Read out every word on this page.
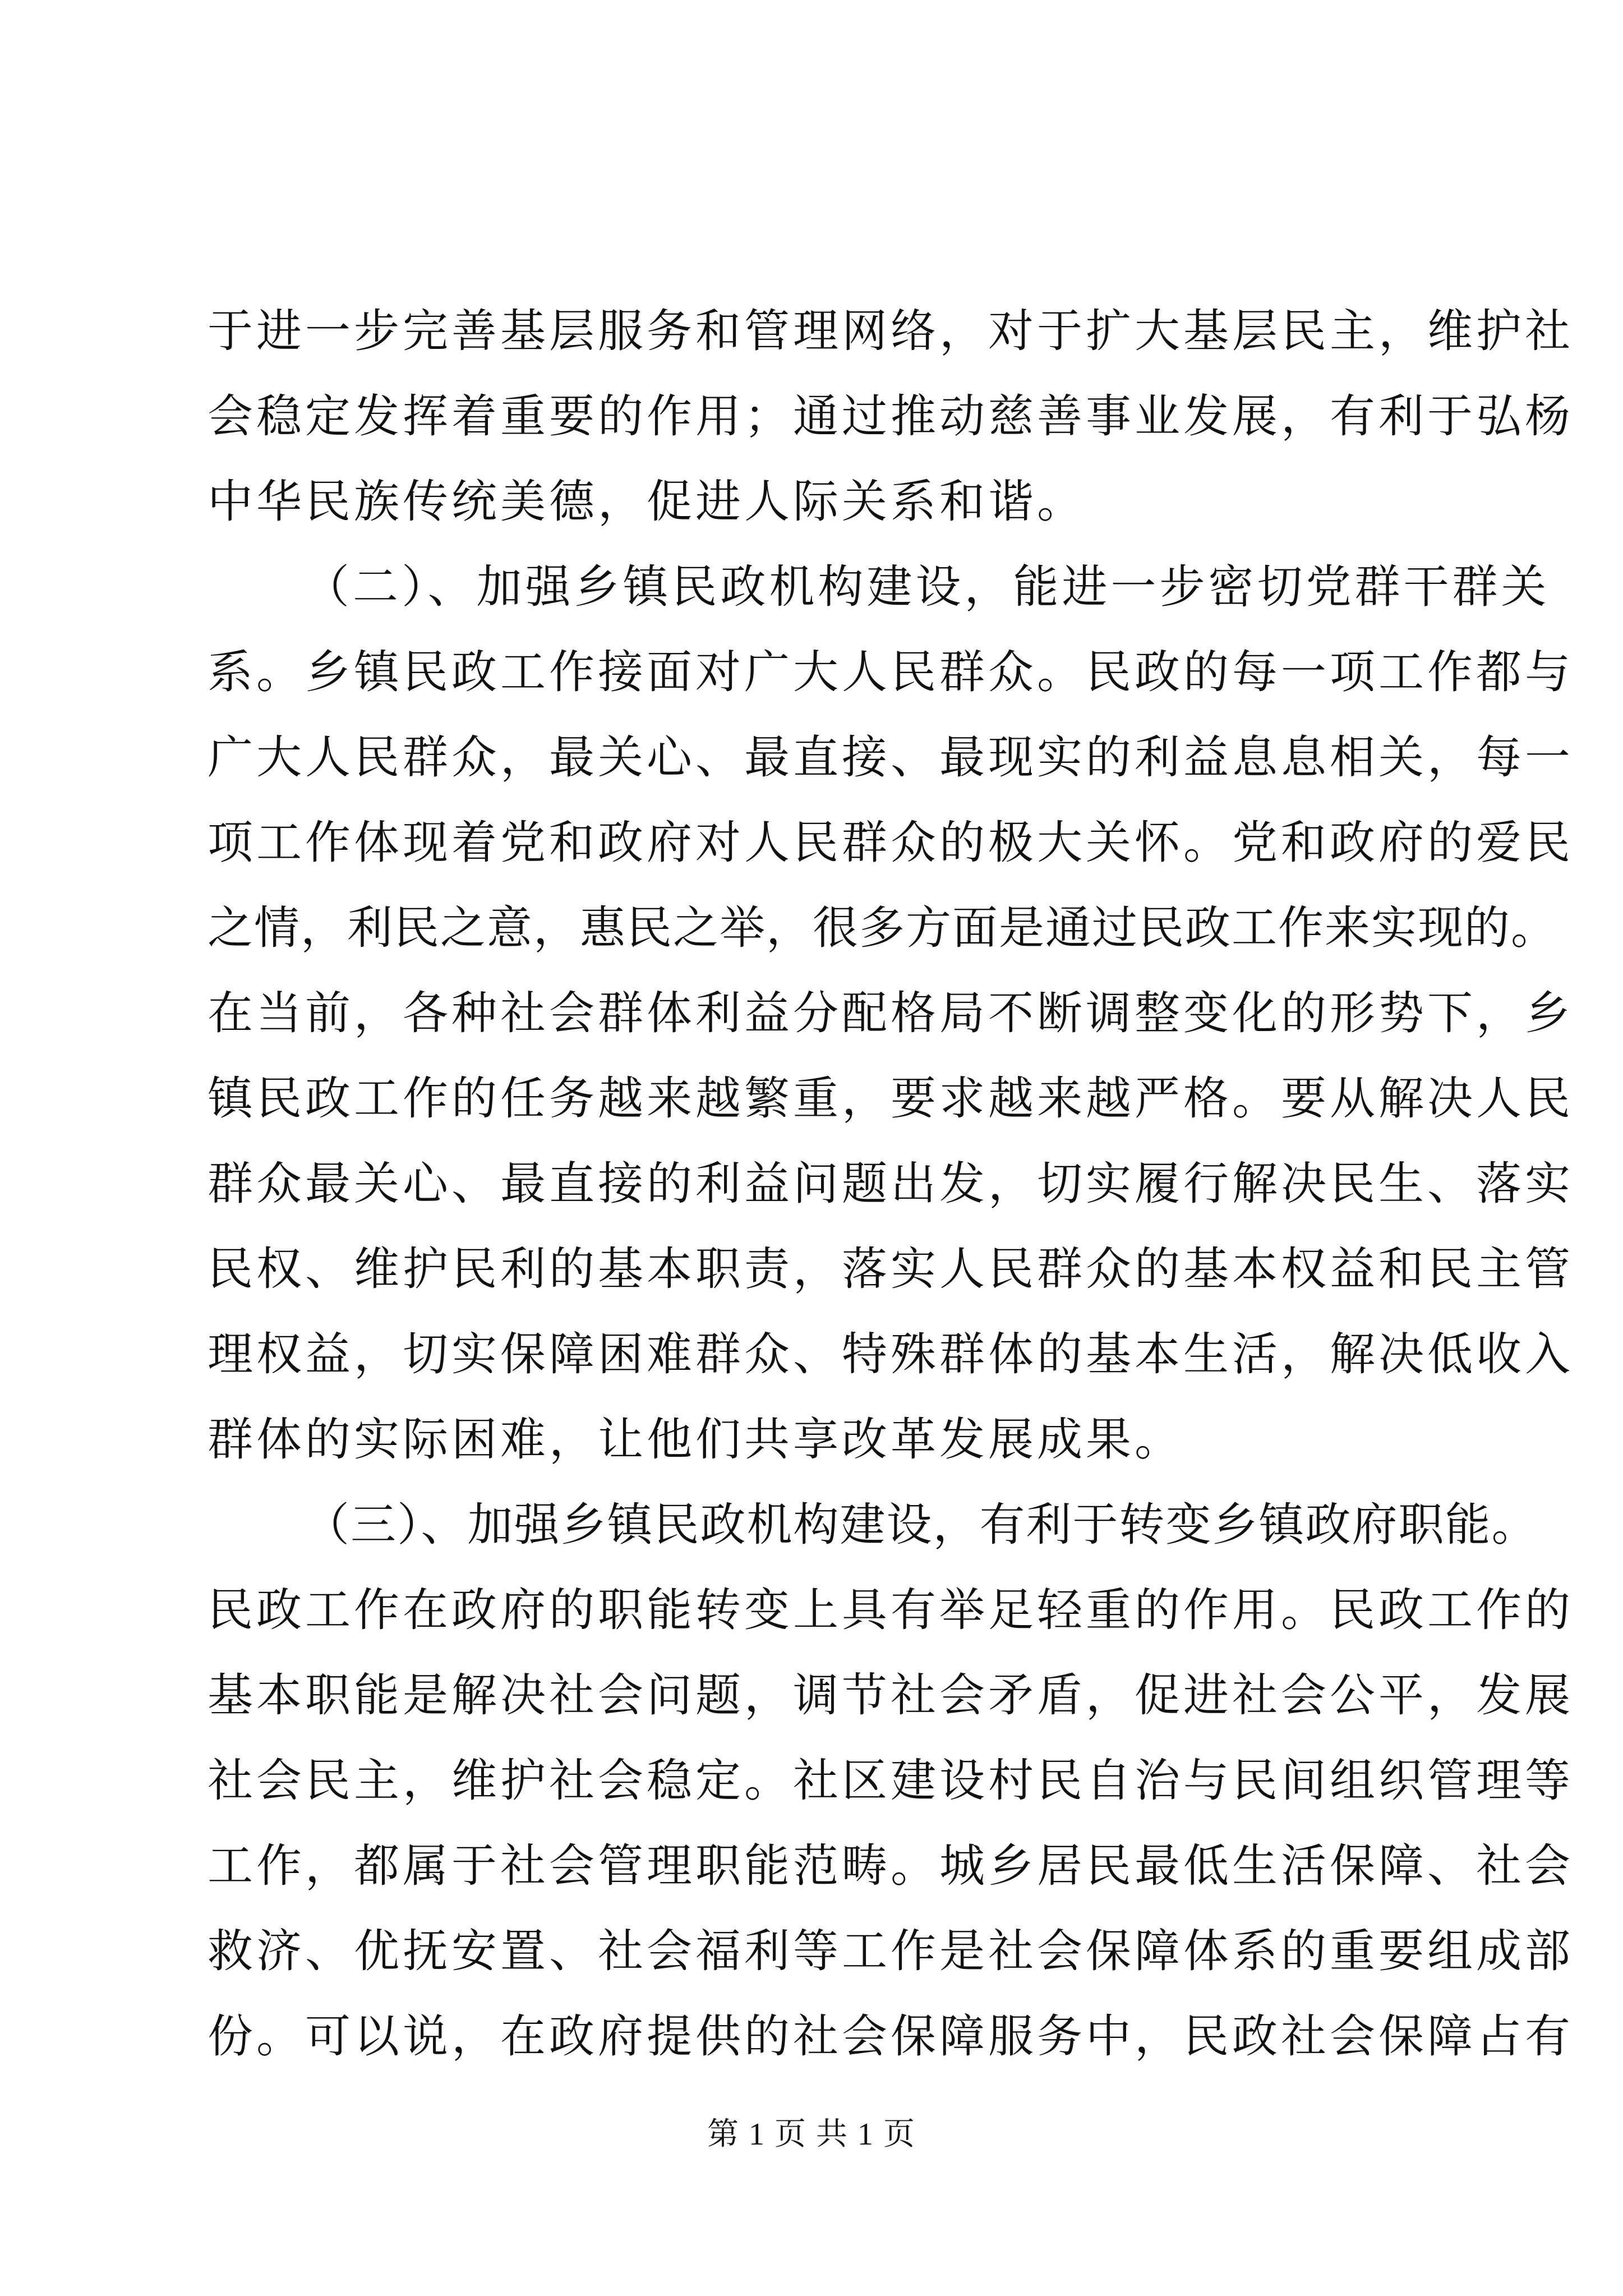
于进一步完善基层服务和管理网络，对于扩大基层民主，维护社
会稳定发挥着重要的作用；通过推动慈善事业发展，有利于弘杨
中华民族传统美德，促进人际关系和谐。
（二）、加强乡镇民政机构建设，能进一步密切党群干群关
系。乡镇民政工作接面对广大人民群众。民政的每一项工作都与
广大人民群众，最关心、最直接、最现实的利益息息相关，每一
项工作体现着党和政府对人民群众的极大关怀。党和政府的爱民
之情，利民之意，惠民之举，很多方面是通过民政工作来实现的。
在当前，各种社会群体利益分配格局不断调整变化的形势下，乡
镇民政工作的任务越来越繁重，要求越来越严格。要从解决人民
群众最关心、最直接的利益问题出发，切实履行解决民生、落实
民权、维护民利的基本职责，落实人民群众的基本权益和民主管
理权益，切实保障困难群众、特殊群体的基本生活，解决低收入
群体的实际困难，让他们共享改革发展成果。
（三）、加强乡镇民政机构建设，有利于转变乡镇政府职能。
民政工作在政府的职能转变上具有举足轻重的作用。民政工作的
基本职能是解决社会问题，调节社会矛盾，促进社会公平，发展
社会民主，维护社会稳定。社区建设村民自治与民间组织管理等
工作，都属于社会管理职能范畴。城乡居民最低生活保障、社会
救济、优抚安置、社会福利等工作是社会保障体系的重要组成部
份。可以说，在政府提供的社会保障服务中，民政社会保障占有
第 1 页 共 1 页
